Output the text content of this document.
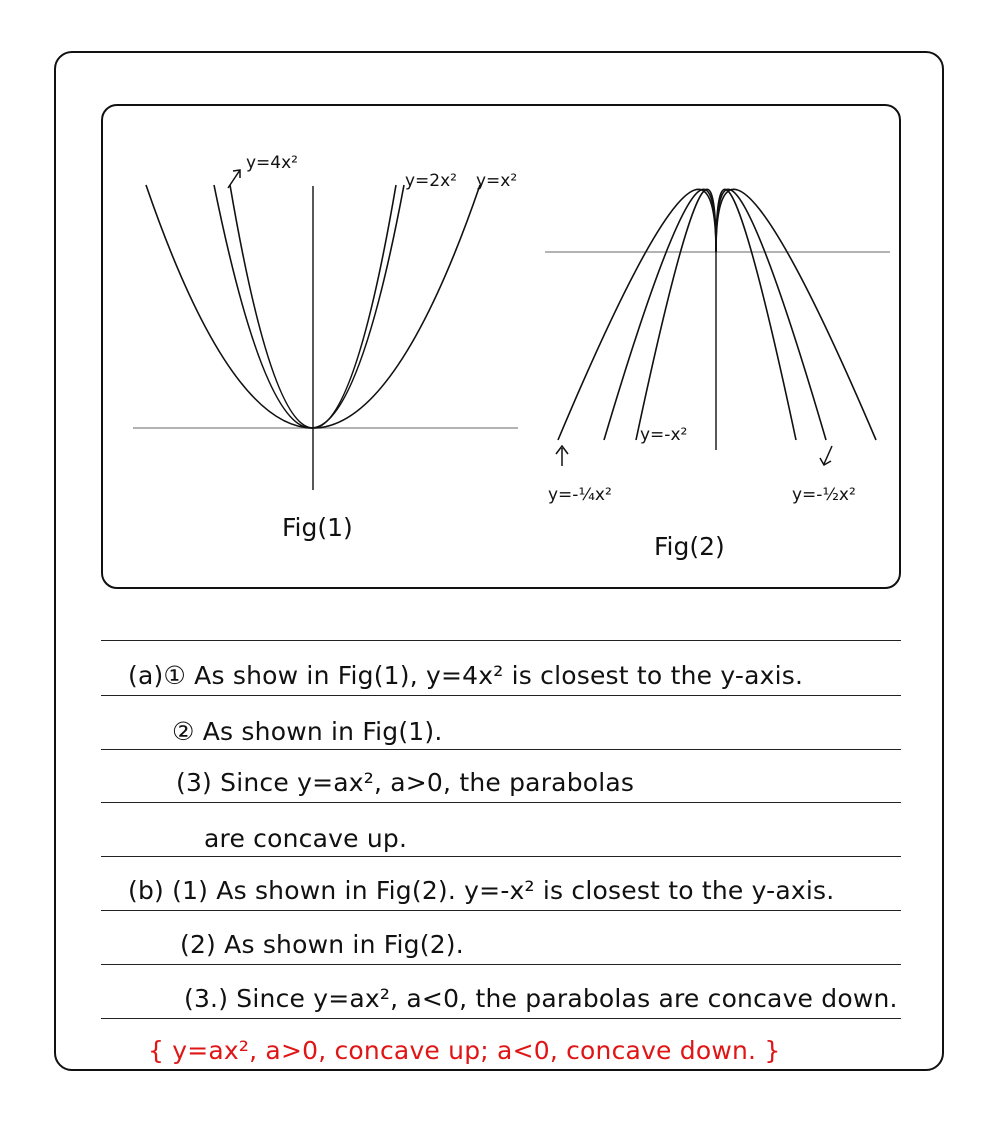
y=4x²
y=2x² y=x²
Fig(1)
y=-x²
y=-¼x²	y=-½x²
Fig(2)
(a)① As show in Fig(1), y=4x² is closest to the y-axis.
② As shown in Fig(1).
(3) Since y=ax², a>0, the parabolas
are concave up.
(b) (1) As shown in Fig(2). y=-x² is closest to the y-axis.
(2) As shown in Fig(2).
(3.) Since y=ax², a<0, the parabolas are concave down.
{ y=ax², a>0, concave up; a<0, concave down. }
